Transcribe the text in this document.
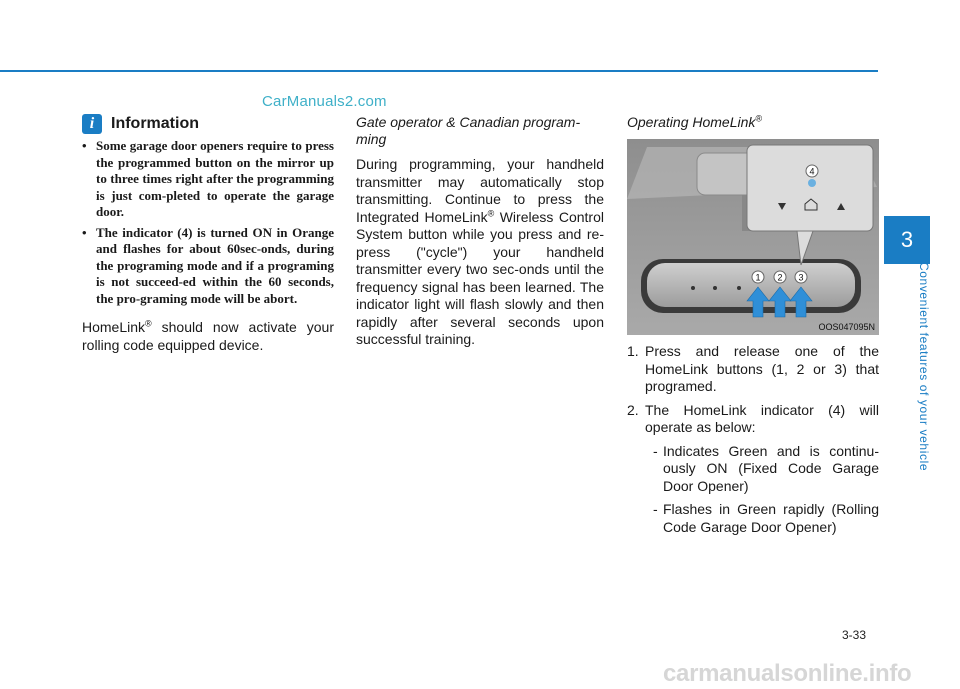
CarManuals2.com
3
Convenient features of your vehicle
i	Information
• Some garage door openers require to press the programmed button on the mirror up to three times right after the programming is just com-pleted to operate the garage door.
• The indicator (4) is turned ON in Orange and flashes for about 60sec-onds, during the programing mode and if a programing is not succeed-ed within the 60 seconds, the pro-graming mode will be abort.

HomeLink® should now activate your rolling code equipped device.

Gate operator & Canadian program-ming

During programming, your handheld transmitter may automatically stop transmitting. Continue to press the Integrated HomeLink® Wireless Control System button while you press and re-press ("cycle") your handheld transmitter every two sec-onds until the frequency signal has been learned. The indicator light will flash slowly and then rapidly after several seconds upon successful training.

Operating HomeLink®
4
1 2 3
OOS047095N
1. Press and release one of the HomeLink buttons (1, 2 or 3) that programed.
2. The HomeLink indicator (4) will operate as below:
- Indicates Green and is continu-ously ON (Fixed Code Garage Door Opener)
- Flashes in Green rapidly (Rolling Code Garage Door Opener)
3-33
carmanualsonline.info
